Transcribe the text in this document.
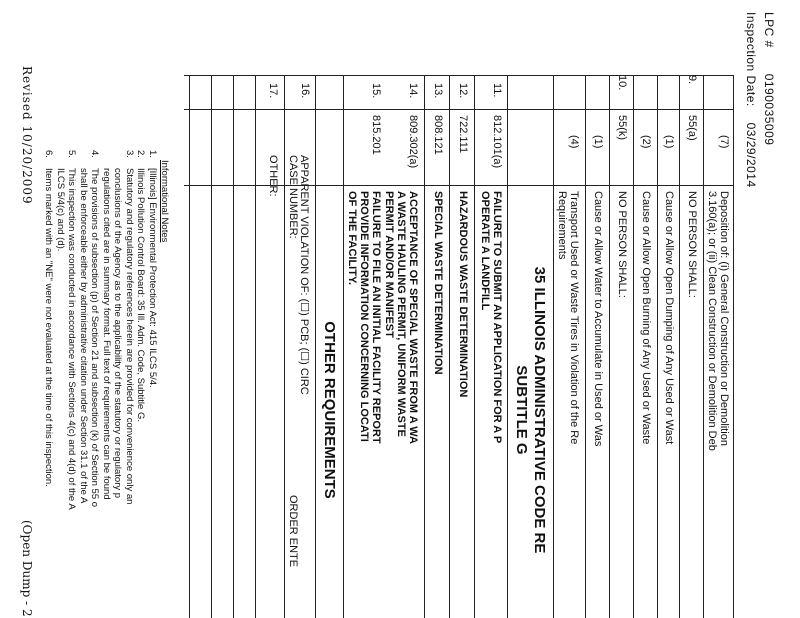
LPC # 0190035009
Inspection Date: 03/29/2014
(7)
Deposition of: (i) General Construction or Demolition
3.160(a); or (ii) Clean Construction or Demolition Deb
9.
55(a)
NO PERSON SHALL:
(1)
Cause or Allow Open Dumping of Any Used or Wast
(2)
Cause or Allow Open Burning of Any Used or Waste
10.
55(k)
NO PERSON SHALL:
(1)
Cause or Allow Water to Accumulate in Used or Was
(4)
Transport Used or Waste Tires in Violation of the Re
Requirements
35 ILLINOIS ADMINISTRATIVE CODE RE
SUBTITLE G
11.
812.101(a)
FAILURE TO SUBMIT AN APPLICATION FOR A P
OPERATE A LANDFILL
12.
722.111
HAZARDOUS WASTE DETERMINATION
13.
808.121
SPECIAL WASTE DETERMINATION
14.
809.302(a)
ACCEPTANCE OF SPECIAL WASTE FROM A WA
A WASTE HAULING PERMIT, UNIFORM WASTE
PERMIT AND/OR MANIFEST
15.
815.201
FAILURE TO FILE AN INITIAL FACILITY REPORT
PROVIDE INFORMATION CONCERNING LOCATI
OF THE FACILITY.
OTHER REQUIREMENTS
16.
APPARENT VIOLATION OF: (☐) PCB; (☐) CIRC
CASE NUMBER:
ORDER ENTE
17.
OTHER:
Informational Notes
1.[Illinois] Environmental Protection Act: 415 ILCS 5/4.
2.Illinois Pollution Control Board: 35 Ill. Adm. Code, Subtitle G.
3.Statutory and regulatory references herein are provided for convenience only an
conclusions of the Agency as to the applicability of the statutory or regulatory p
regulations cited are in summary format. Full text of requirements can be found
4.The provisions of subsection (p) of Section 21 and subsection (k) of Section 55 o
shall be enforceable either by administrative citation under Section 31.1 of the A
5.This inspection was conducted in accordance with Sections 4(c) and 4(d) of the A
ILCS 5/4(c) and (d).
6.Items marked with an "NE" were not evaluated at the time of this inspection.
Revised 10/20/2009
(Open Dump - 2
